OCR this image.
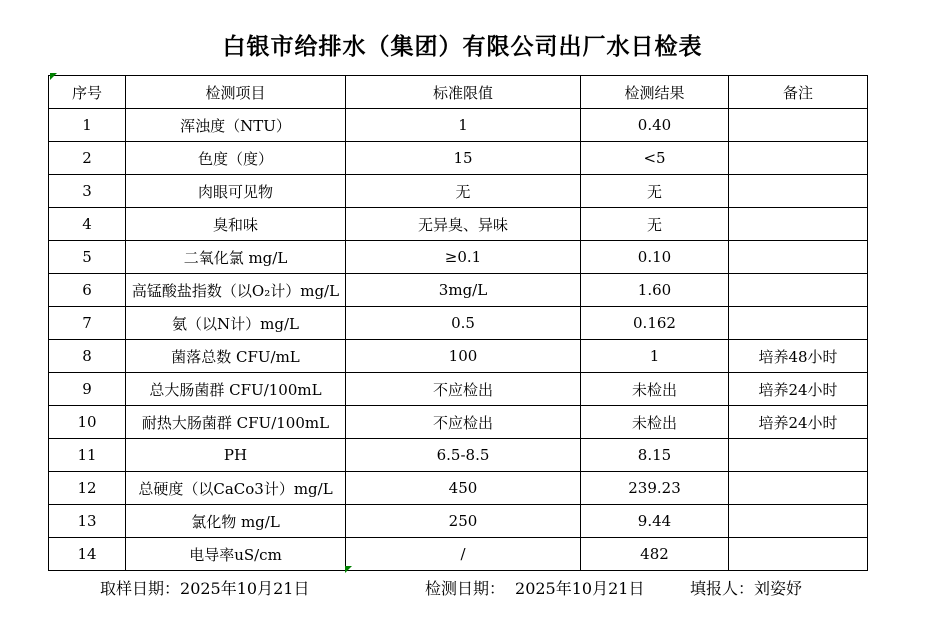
白银市给排水（集团）有限公司出厂水日检表
序号	检测项目	标准限值	检测结果	备注
1	浑浊度（NTU）	1	0.40	
2	色度（度）	15	<5	
3	肉眼可见物	无	无	
4	臭和味	无异臭、异味	无	
5	二氧化氯 mg/L	≥0.1	0.10	
6	高锰酸盐指数（以O₂计）mg/L	3mg/L	1.60	
7	氨（以N计）mg/L	0.5	0.162	
8	菌落总数 CFU/mL	100	1	培养48小时
9	总大肠菌群 CFU/100mL	不应检出	未检出	培养24小时
10	耐热大肠菌群 CFU/100mL	不应检出	未检出	培养24小时
11	PH	6.5-8.5	8.15	
12	总硬度（以CaCo3计）mg/L	450	239.23	
13	氯化物 mg/L	250	9.44	
14	电导率uS/cm	/	482	
取样日期：2025年10月21日	检测日期： 2025年10月21日	填报人：刘姿妤
